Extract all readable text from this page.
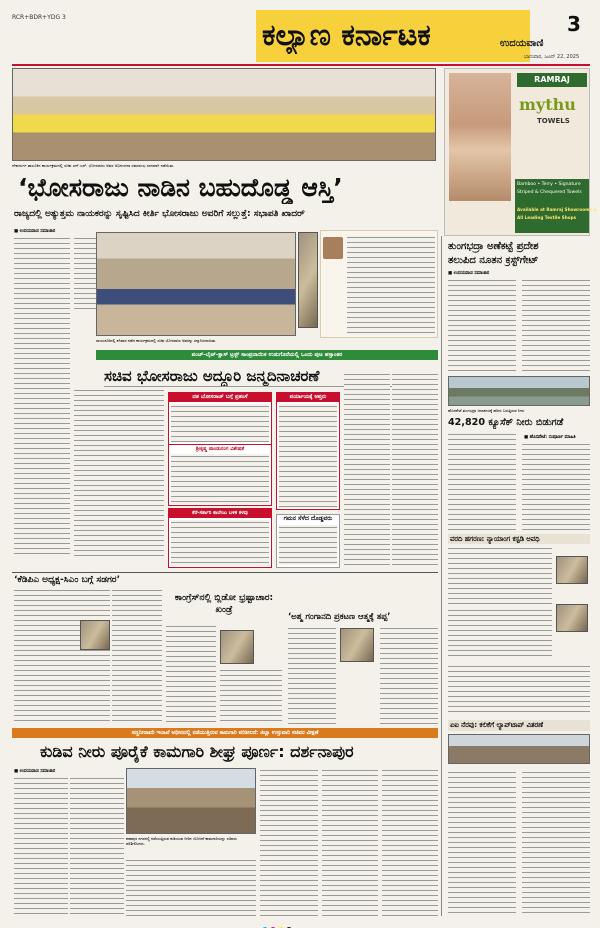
RCR+BDR+YDG 3
ಕಲ್ಯಾಣ ಕರ್ನಾಟಕ	3
ಉದಯವಾಣಿ
ಭಾನುವಾರ, ಜೂನ್ 22, 2025
ದೇವದುರ್ಗ ತಾಲೂಕಿನ ಕಾರ್ಯಕ್ರಮದಲ್ಲಿ ಸಚಿವ ಎನ್.ಎಸ್. ಭೋಸರಾಜು ಅವರ ಅಭಿನಂದನಾ ಸಮಾರಂಭ ಸರಳವಾಗಿ ನಡೆಯಿತು.
RAMRAJ
mythu
TOWELS
Bamboo • Terry • Signature
Striped & Chequered Towels
Available at Ramraj Showrooms &
All Leading Textile Shops
‘ಭೋಸರಾಜು ನಾಡಿನ ಬಹುದೊಡ್ಡ ಆಸ್ತಿ’
ರಾಜ್ಯದಲ್ಲಿ ಅತ್ಯುತ್ತಮ ನಾಯಕರನ್ನು ಸೃಷ್ಟಿಸಿದ ಕೀರ್ತಿ ಭೋಸರಾಜು ಅವರಿಗೆ ಸಲ್ಲುತ್ತೆ: ಸಭಾಪತಿ ಖಾದರ್
■ ಉದಯವಾಣಿ ಸಮಾಚಾರ
ರಾಯಚೂರಿನಲ್ಲಿ ಶನಿವಾರ ನಡೆದ ಕಾರ್ಯಕ್ರಮದಲ್ಲಿ ಸಚಿವ ಭೋಸರಾಜು ಅವರನ್ನು ಸನ್ಮಾನಿಸಲಾಯಿತು.
ಪಂಚ್-ಲೈಟ್-ಕ್ಲಾಸ್ ಟ್ರಸ್ಟ್ ಸಾಂಪ್ರದಾಯಿಕ ಉಡುಗೊರೆಯಲ್ಲಿ ಒಂದು ಪುಟ ಹಸ್ತಾಂತರ
ಸಚಿವ ಭೋಸರಾಜು ಅದ್ಧೂರಿ ಜನ್ಮದಿನಾಚರಣೆ
ದಶ ಬೋಸರಾಜ್ ಬಗ್ಗೆ ಪ್ರಶಂಸೆ
ಶ್ರೀಕೃಷ್ಣ ಪಾಂಡುರಂಗ ವಿಶೇಷತೆ
ಪರ್ಯಾಯಕ್ಕೆ ಆಪ್ತರು
ಕೆರೆ-ಸರ್ಕಾರಿ ಕಾಲೇಜು ಬಳಿಕ ಕಳವು
ಗಮನ ಸೆಳೆದ ದೊಡ್ಡವರು
‘ಕೆಡಿಪಿಎ ಅಧ್ಯಕ್ಷ-ಸಿಎಂ ಬಗ್ಗೆ ಸಡಗರ’
ಕಾಂಗ್ರೆಸ್‌ನಲ್ಲಿ ಬ್ಲಿಡೋ ಭ್ರಷ್ಟಾಚಾರ: ಖಂಡ್ರೆ
‘ಅಶ್ಮ ಗಂಗಾನದಿ ಪ್ರಕಟಣ ಆತ್ಮಕ್ಕೆ ತಪ್ಪ’
ತುಂಗಭದ್ರಾ ಅಣೆಕಟ್ಟೆ ಪ್ರದೇಶ
ತಲುಪಿದ ನೂತನ ಕ್ರಸ್ಟ್‌ಗೇಟ್
■ ಉದಯವಾಣಿ ಸಮಾಚಾರ
ಹೊಸಪೇಟೆ ತುಂಗಭದ್ರಾ ಜಲಾಶಯಕ್ಕೆ ಹರಿದು ಬರುತ್ತಿರುವ ನೀರು
42,820 ಕ್ಯೂಸೆಕ್ ನೀರು ಬಿಡುಗಡೆ
■ ಹೊಸಪೇಟೆ: ಸಂಪೂರ್ಣ ಮಾಹಿತಿ
ವರದಿ ಹಗರಣ: ನ್ಯಾಯಾಂಗ ಕಸ್ಟಡಿ ಅವಧಿ
ಏಐ ನೆರವು: ಕಲಿಕೆಗೆ ಲ್ಯಾಪ್‌ಟಾಪ್ ವಿತರಣೆ
ಸಣ್ಣನೀರಾವರಿ ಇಲಾಖೆ ಅಧೀನದಲ್ಲಿ ನಡೆಯುತ್ತಿರುವ ಕಾಮಗಾರಿ ಪರಿಶೀಲನೆ: ಜಿಲ್ಲಾ ಉಸ್ತುವಾರಿ ಸಚಿವರ ವೀಕ್ಷಣೆ
ಕುಡಿವ ನೀರು ಪೂರೈಕೆ ಕಾಮಗಾರಿ ಶೀಘ್ರ ಪೂರ್ಣ: ದರ್ಶನಾಪುರ
■ ಉದಯವಾಣಿ ಸಮಾಚಾರ
ಶಹಾಪುರ ನಗರದಲ್ಲಿ ನಡೆಯುತ್ತಿರುವ ಕುಡಿಯುವ ನೀರಿನ ಯೋಜನೆ ಕಾಮಗಾರಿಯನ್ನು ಸಚಿವರು ಪರಿಶೀಲಿಸಿದರು.
